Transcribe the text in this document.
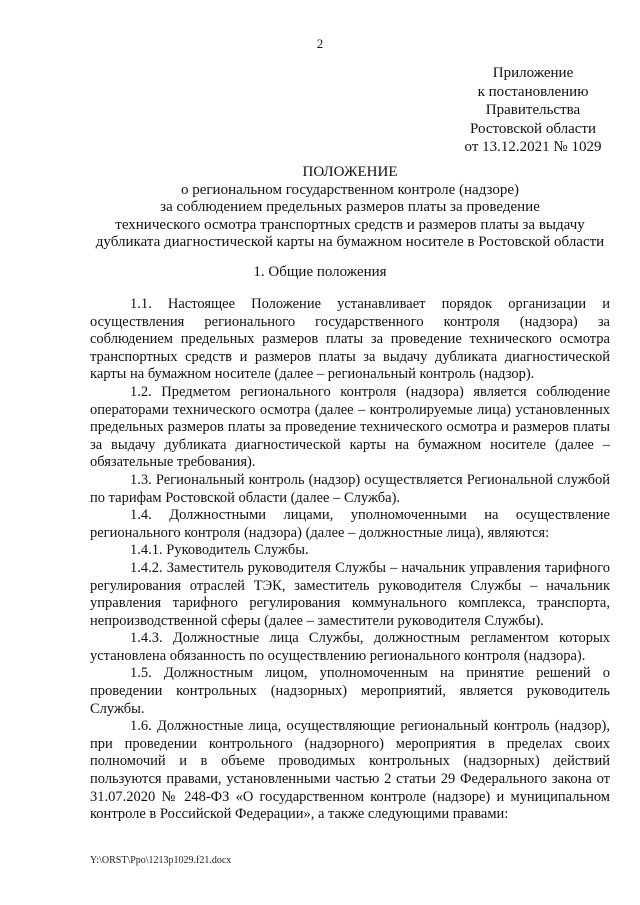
2
Приложение
к постановлению
Правительства
Ростовской области
от 13.12.2021 № 1029
ПОЛОЖЕНИЕ
о региональном государственном контроле (надзоре)
за соблюдением предельных размеров платы за проведение
технического осмотра транспортных средств и размеров платы за выдачу
дубликата диагностической карты на бумажном носителе в Ростовской области
1. Общие положения

1.1. Настоящее Положение устанавливает порядок организации и осуществления регионального государственного контроля (надзора) за соблюдением предельных размеров платы за проведение технического осмотра транспортных средств и размеров платы за выдачу дубликата диагностической карты на бумажном носителе (далее – региональный контроль (надзор).

1.2. Предметом регионального контроля (надзора) является соблюдение операторами технического осмотра (далее – контролируемые лица) установленных предельных размеров платы за проведение технического осмотра и размеров платы за выдачу дубликата диагностической карты на бумажном носителе (далее – обязательные требования).

1.3. Региональный контроль (надзор) осуществляется Региональной службой по тарифам Ростовской области (далее – Служба).

1.4. Должностными лицами, уполномоченными на осуществление регионального контроля (надзора) (далее – должностные лица), являются:

1.4.1. Руководитель Службы.

1.4.2. Заместитель руководителя Службы – начальник управления тарифного регулирования отраслей ТЭК, заместитель руководителя Службы – начальник управления тарифного регулирования коммунального комплекса, транспорта, непроизводственной сферы (далее – заместители руководителя Службы).

1.4.3. Должностные лица Службы, должностным регламентом которых установлена обязанность по осуществлению регионального контроля (надзора).

1.5. Должностным лицом, уполномоченным на принятие решений о проведении контрольных (надзорных) мероприятий, является руководитель Службы.

1.6. Должностные лица, осуществляющие региональный контроль (надзор), при проведении контрольного (надзорного) мероприятия в пределах своих полномочий и в объеме проводимых контрольных (надзорных) действий пользуются правами, установленными частью 2 статьи 29 Федерального закона от 31.07.2020 № 248-ФЗ «О государственном контроле (надзоре) и муниципальном контроле в Российской Федерации», а также следующими правами:

Y:\ORST\Ppo\1213p1029.f21.docx
